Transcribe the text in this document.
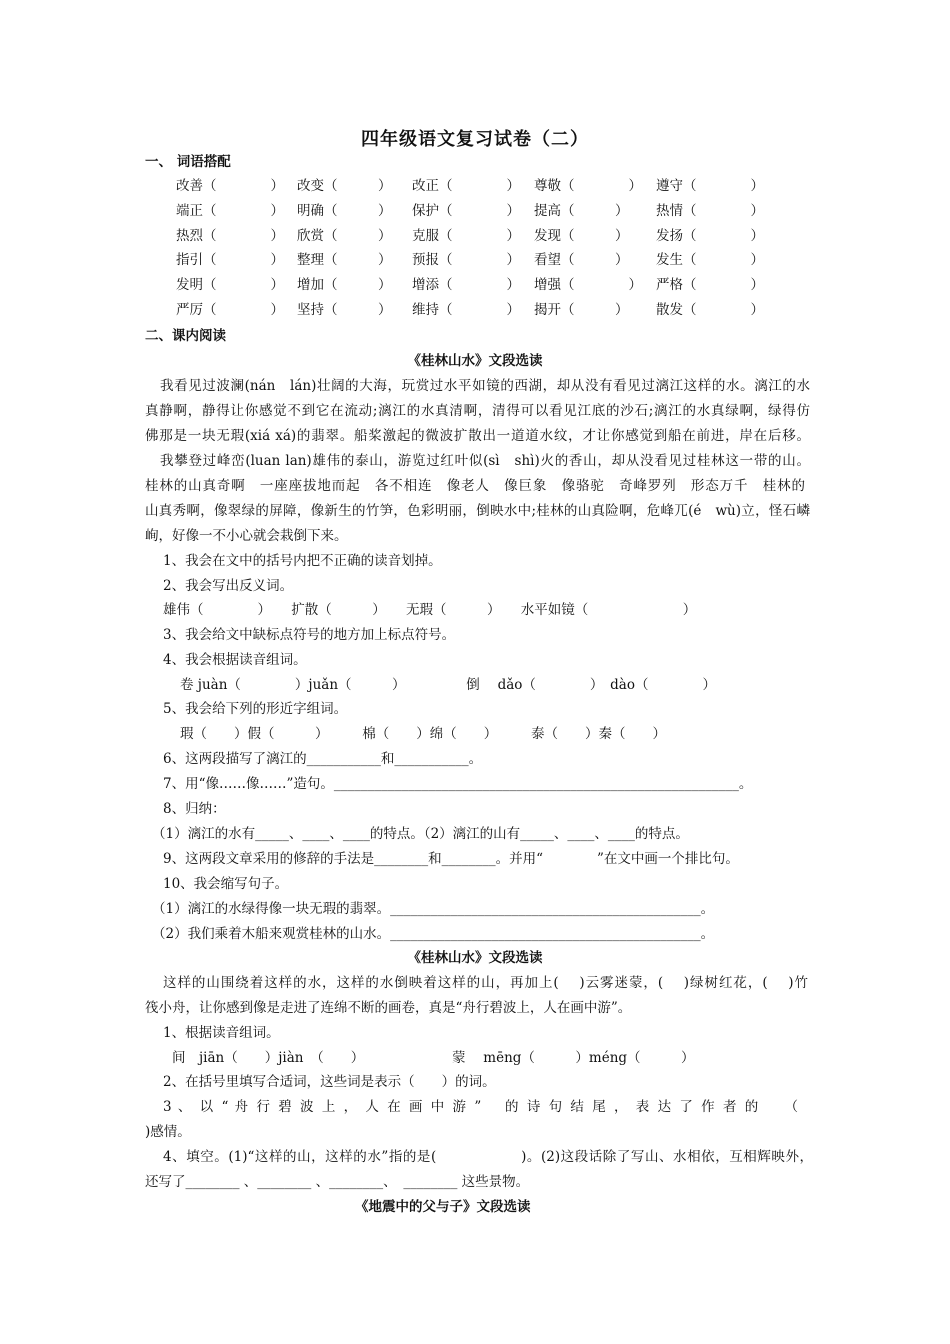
四年级语文复习试卷（二）
一、 词语搭配
改善（　　　　） 改变（　　　） 改正（　　　　） 尊敬（　　　　） 遵守（　　　　）
端正（　　　　） 明确（　　　） 保护（　　　　） 提高（　　　） 热情（　　　　）
热烈（　　　　） 欣赏（　　　） 克服（　　　　） 发现（　　　） 发扬（　　　　）
指引（　　　　） 整理（　　　） 预报（　　　　） 看望（　　　） 发生（　　　　）
发明（　　　　） 增加（　　　） 增添（　　　　） 增强（　　　　） 严格（　　　　）
严厉（　　　　） 坚持（　　　） 维持（　　　　） 揭开（　　　） 散发（　　　　）
二、课内阅读
《桂林山水》文段选读
我看见过波澜(nán　lán)壮阔的大海，玩赏过水平如镜的西湖，却从没有看见过漓江这样的水。漓江的水
真静啊，静得让你感觉不到它在流动;漓江的水真清啊，清得可以看见江底的沙石;漓江的水真绿啊，绿得仿
佛那是一块无瑕(xiá xá)的翡翠。船桨激起的微波扩散出一道道水纹，才让你感觉到船在前进，岸在后移。
我攀登过峰峦(luan lan)雄伟的泰山，游览过红叶似(sì　shì)火的香山，却从没看见过桂林这一带的山。
桂林的山真奇啊　一座座拔地而起　各不相连　像老人　像巨象　像骆驼　奇峰罗列　形态万千　桂林的
山真秀啊，像翠绿的屏障，像新生的竹笋，色彩明丽，倒映水中;桂林的山真险啊，危峰兀(é　wù)立，怪石嶙
峋，好像一不小心就会栽倒下来。
1、我会在文中的括号内把不正确的读音划掉。
2、我会写出反义词。
雄伟（　　　　）　　扩散（　　　）　　无瑕（　　　）　　水平如镜（　　　　　　　）
3、我会给文中缺标点符号的地方加上标点符号。
4、我会根据读音组词。
卷 juàn（　　　　）juǎn（　　　）　　　　　倒　 dǎo（　　　　）　dào（　　　　）
5、我会给下列的形近字组词。
瑕（　　）假（　　　）　　　棉（　　）绵（　　）　　　泰（　　）秦（　　）
6、这两段描写了漓江的___________和___________。
7、用“像……像……”造句。____________________________________________________________。
8、归纳：
（1）漓江的水有_____、____、____的特点。（2）漓江的山有_____、____、____的特点。
9、这两段文章采用的修辞的手法是________和________。并用“　　　　”在文中画一个排比句。
10、我会缩写句子。
（1）漓江的水绿得像一块无瑕的翡翠。______________________________________________。
（2）我们乘着木船来观赏桂林的山水。______________________________________________。
《桂林山水》文段选读
这样的山围绕着这样的水，这样的水倒映着这样的山，再加上(　 )云雾迷蒙，(　 )绿树红花，(　 )竹
筏小舟，让你感到像是走进了连绵不断的画卷，真是“舟行碧波上，人在画中游”。
1、根据读音组词。
间　jiān（　　）jiàn　（　　）　　　　　　　蒙　 mēng（　　　）méng（　　　）
2、在括号里填写合适词，这些词是表示（　　）的词。
3 、 以 “ 舟 行 碧 波 上 ， 人 在 画 中 游 ”　 的 诗 句 结 尾 ， 表 达 了 作 者 的　　（
)感情。
4、填空。(1)“这样的山，这样的水”指的是(　　　　　　)。(2)这段话除了写山、水相依，互相辉映外，
还写了________ 、________ 、________、　________ 这些景物。
《地震中的父与子》文段选读
